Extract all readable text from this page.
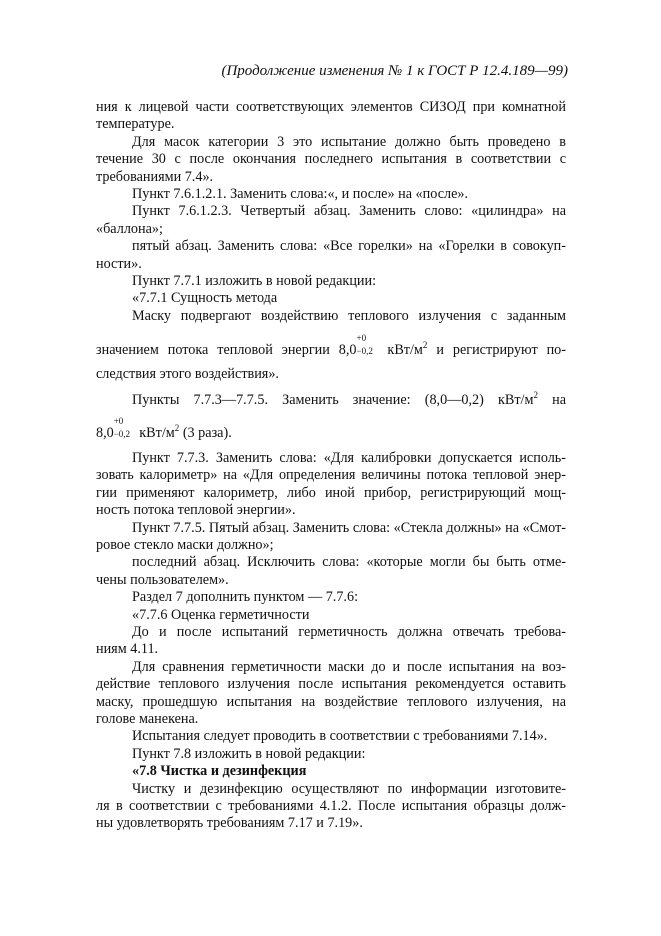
(Продолжение изменения № 1 к ГОСТ Р 12.4.189—99)

ния к лицевой части соответствующих элементов СИЗОД при комнатной
температуре.

Для масок категории 3 это испытание должно быть проведено в
течение 30 с после окончания последнего испытания в соответствии с
требованиями 7.4».

Пункт 7.6.1.2.1. Заменить слова:«, и после» на «после».

Пункт 7.6.1.2.3. Четвертый абзац. Заменить слово: «цилиндра» на
«баллона»;

пятый абзац. Заменить слова: «Все горелки» на «Горелки в совокуп-
ности».

Пункт 7.7.1 изложить в новой редакции:

«7.7.1 Сущность метода

Маску подвергают воздействию теплового излучения с заданным
значением потока тепловой энергии 8,0
+0
−0,2 кВт/$м^2$ и регистрируют по-
следствия этого воздействия».

Пункты 7.7.3—7.7.5. Заменить значение: (8,0—0,2) кВт/$м^2$ на
8,0
+0
−0,2 кВт/$м^2$ (3 раза).

Пункт 7.7.3. Заменить слова: «Для калибровки допускается исполь-
зовать калориметр» на «Для определения величины потока тепловой энер-
гии применяют калориметр, либо иной прибор, регистрирующий мощ-
ность потока тепловой энергии».

Пункт 7.7.5. Пятый абзац. Заменить слова: «Стекла должны» на «Смот-
ровое стекло маски должно»;

последний абзац. Исключить слова: «которые могли бы быть отме-
чены пользователем».

Раздел 7 дополнить пунктом — 7.7.6:

«7.7.6 Оценка герметичности

До и после испытаний герметичность должна отвечать требова-
ниям 4.11.

Для сравнения герметичности маски до и после испытания на воз-
действие теплового излучения после испытания рекомендуется оставить
маску, прошедшую испытания на воздействие теплового излучения, на
голове манекена.

Испытания следует проводить в соответствии с требованиями 7.14».

Пункт 7.8 изложить в новой редакции:

«7.8 Чистка и дезинфекция

Чистку и дезинфекцию осуществляют по информации изготовите-
ля в соответствии с требованиями 4.1.2. После испытания образцы долж-
ны удовлетворять требованиям 7.17 и 7.19».
